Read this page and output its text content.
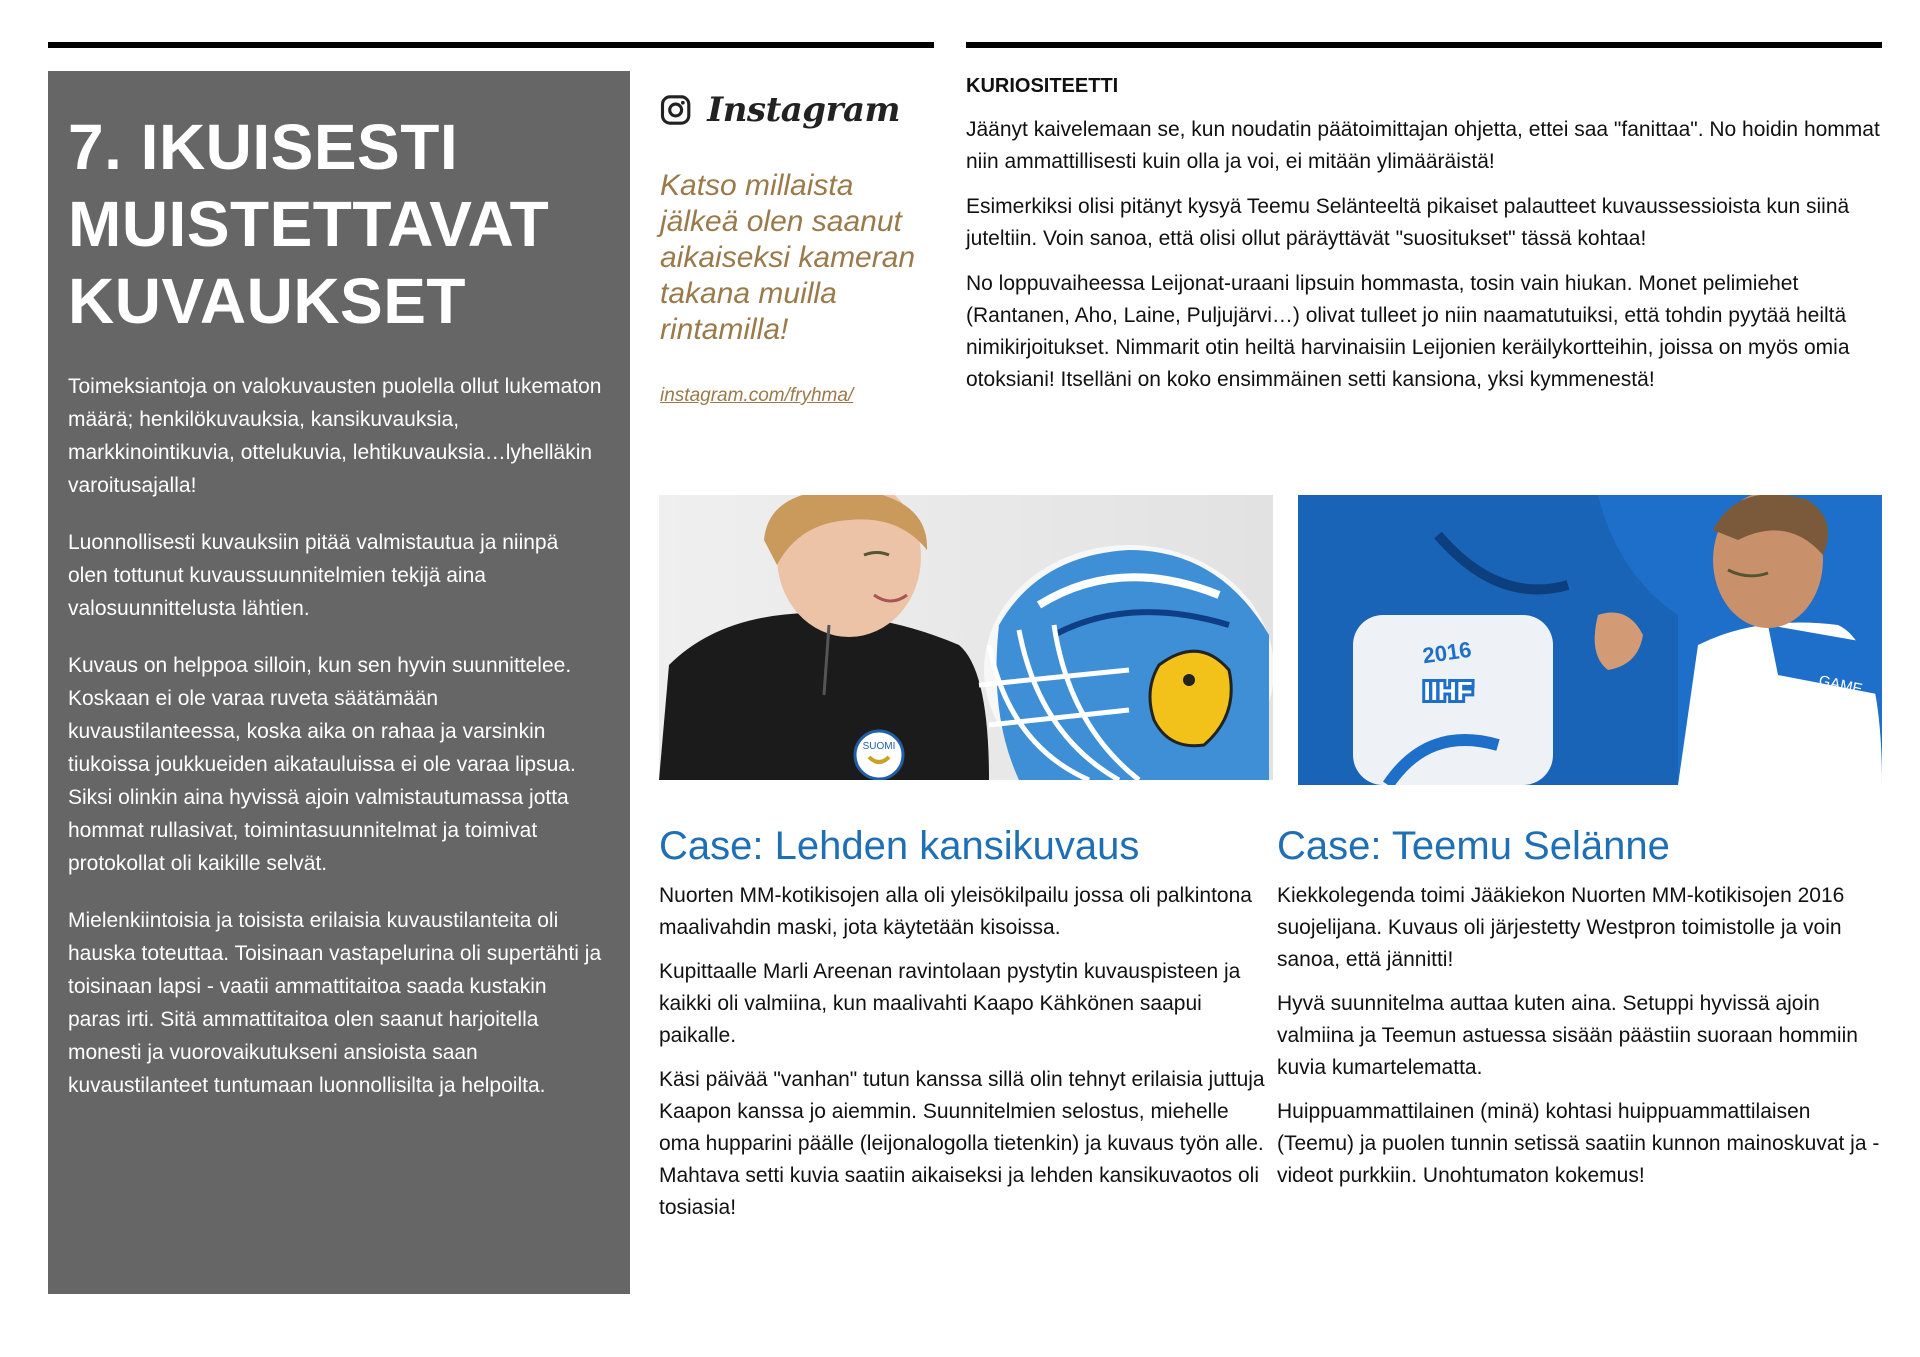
7. IKUISESTI
MUISTETTAVAT
KUVAUKSET

Toimeksiantoja on valokuvausten puolella ollut lukematon määrä; henkilökuvauksia, kansikuvauksia, markkinointikuvia, ottelukuvia, lehtikuvauksia…lyhelläkin varoitusajalla!

Luonnollisesti kuvauksiin pitää valmistautua ja niinpä olen tottunut kuvaussuunnitelmien tekijä aina valosuunnittelusta lähtien.

Kuvaus on helppoa silloin, kun sen hyvin suunnittelee. Koskaan ei ole varaa ruveta säätämään kuvaustilanteessa, koska aika on rahaa ja varsinkin tiukoissa joukkueiden aikatauluissa ei ole varaa lipsua. Siksi olinkin aina hyvissä ajoin valmistautumassa jotta hommat rullasivat, toimintasuunnitelmat ja toimivat protokollat oli kaikille selvät.

Mielenkiintoisia ja toisista erilaisia kuvaustilanteita oli hauska toteuttaa. Toisinaan vastapelurina oli supertähti ja toisinaan lapsi - vaatii ammattitaitoa saada kustakin paras irti. Sitä ammattitaitoa olen saanut harjoitella monesti ja vuorovaikutukseni ansioista saan kuvaustilanteet tuntumaan luonnollisilta ja helpoilta.

Instagram

Katso millaista
jälkeä olen saanut
aikaiseksi kameran
takana muilla
rintamilla!

instagram.com/fryhma/
KURIOSITEETTI

Jäänyt kaivelemaan se, kun noudatin päätoimittajan ohjetta, ettei saa "fanittaa". No hoidin hommat niin ammattillisesti kuin olla ja voi, ei mitään ylimääräistä!

Esimerkiksi olisi pitänyt kysyä Teemu Selänteeltä pikaiset palautteet kuvaussessioista kun siinä juteltiin. Voin sanoa, että olisi ollut päräyttävät "suositukset" tässä kohtaa!

No loppuvaiheessa Leijonat-uraani lipsuin hommasta, tosin vain hiukan. Monet pelimiehet (Rantanen, Aho, Laine, Puljujärvi…) olivat tulleet jo niin naamatutuiksi, että tohdin pyytää heiltä nimikirjoitukset. Nimmarit otin heiltä harvinaisiin Leijonien keräilykortteihin, joissa on myös omia otoksiani! Itselläni on koko ensimmäinen setti kansiona, yksi kymmenestä!

SUOMI
2016
IIHF	GAME
Case: Lehden kansikuvaus

Nuorten MM-kotikisojen alla oli yleisökilpailu jossa oli palkintona maalivahdin maski, jota käytetään kisoissa.

Kupittaalle Marli Areenan ravintolaan pystytin kuvauspisteen ja kaikki oli valmiina, kun maalivahti Kaapo Kähkönen saapui paikalle.

Käsi päivää "vanhan" tutun kanssa sillä olin tehnyt erilaisia juttuja Kaapon kanssa jo aiemmin. Suunnitelmien selostus, miehelle oma hupparini päälle (leijonalogolla tietenkin) ja kuvaus työn alle. Mahtava setti kuvia saatiin aikaiseksi ja lehden kansikuvaotos oli tosiasia!

Case: Teemu Selänne

Kiekkolegenda toimi Jääkiekon Nuorten MM-kotikisojen 2016 suojelijana. Kuvaus oli järjestetty Westpron toimistolle ja voin sanoa, että jännitti!

Hyvä suunnitelma auttaa kuten aina. Setuppi hyvissä ajoin valmiina ja Teemun astuessa sisään päästiin suoraan hommiin kuvia kumartelematta.

Huippuammattilainen (minä) kohtasi huippuammattilaisen (Teemu) ja puolen tunnin setissä saatiin kunnon mainoskuvat ja -videot purkkiin. Unohtumaton kokemus!
